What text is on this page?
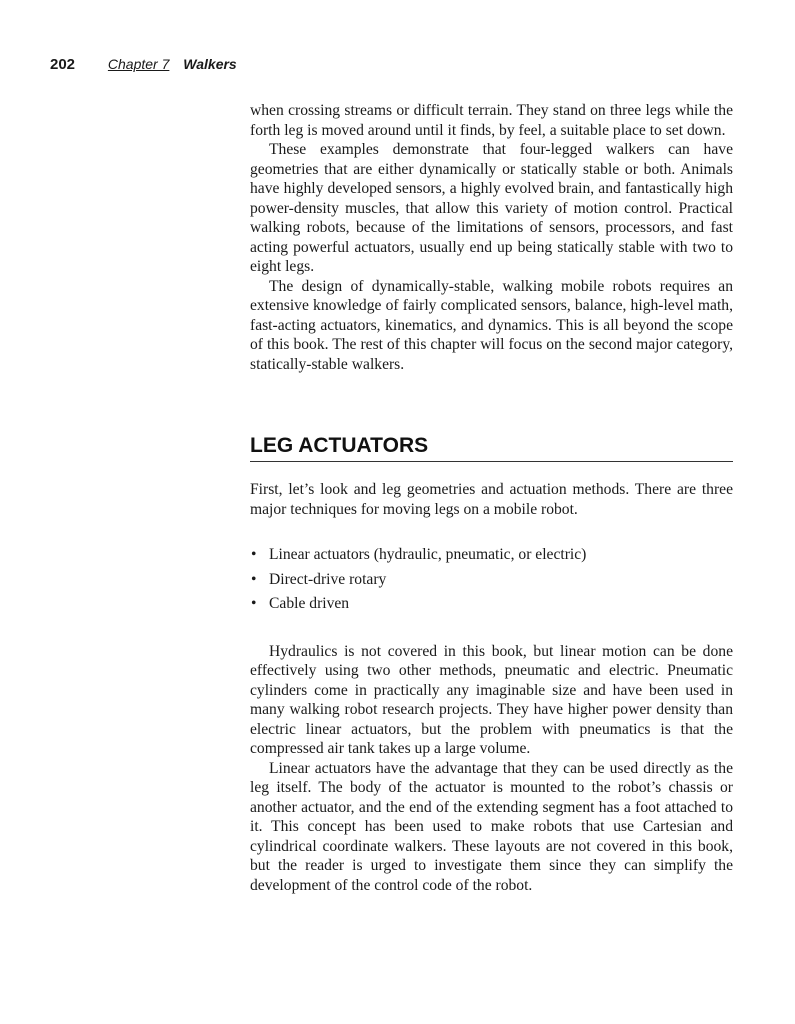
202 Chapter 7 Walkers

when crossing streams or difficult terrain. They stand on three legs while the forth leg is moved around until it finds, by feel, a suitable place to set down.

These examples demonstrate that four-legged walkers can have geometries that are either dynamically or statically stable or both. Animals have highly developed sensors, a highly evolved brain, and fantastically high power-density muscles, that allow this variety of motion control. Practical walking robots, because of the limitations of sensors, processors, and fast acting powerful actuators, usually end up being statically stable with two to eight legs.

The design of dynamically-stable, walking mobile robots requires an extensive knowledge of fairly complicated sensors, balance, high-level math, fast-acting actuators, kinematics, and dynamics. This is all beyond the scope of this book. The rest of this chapter will focus on the second major category, statically-stable walkers.

LEG ACTUATORS

First, let’s look and leg geometries and actuation methods. There are three major techniques for moving legs on a mobile robot.

• Linear actuators (hydraulic, pneumatic, or electric)
• Direct-drive rotary
• Cable driven

Hydraulics is not covered in this book, but linear motion can be done effectively using two other methods, pneumatic and electric. Pneumatic cylinders come in practically any imaginable size and have been used in many walking robot research projects. They have higher power density than electric linear actuators, but the problem with pneumatics is that the compressed air tank takes up a large volume.

Linear actuators have the advantage that they can be used directly as the leg itself. The body of the actuator is mounted to the robot’s chassis or another actuator, and the end of the extending segment has a foot attached to it. This concept has been used to make robots that use Cartesian and cylindrical coordinate walkers. These layouts are not covered in this book, but the reader is urged to investigate them since they can simplify the development of the control code of the robot.
